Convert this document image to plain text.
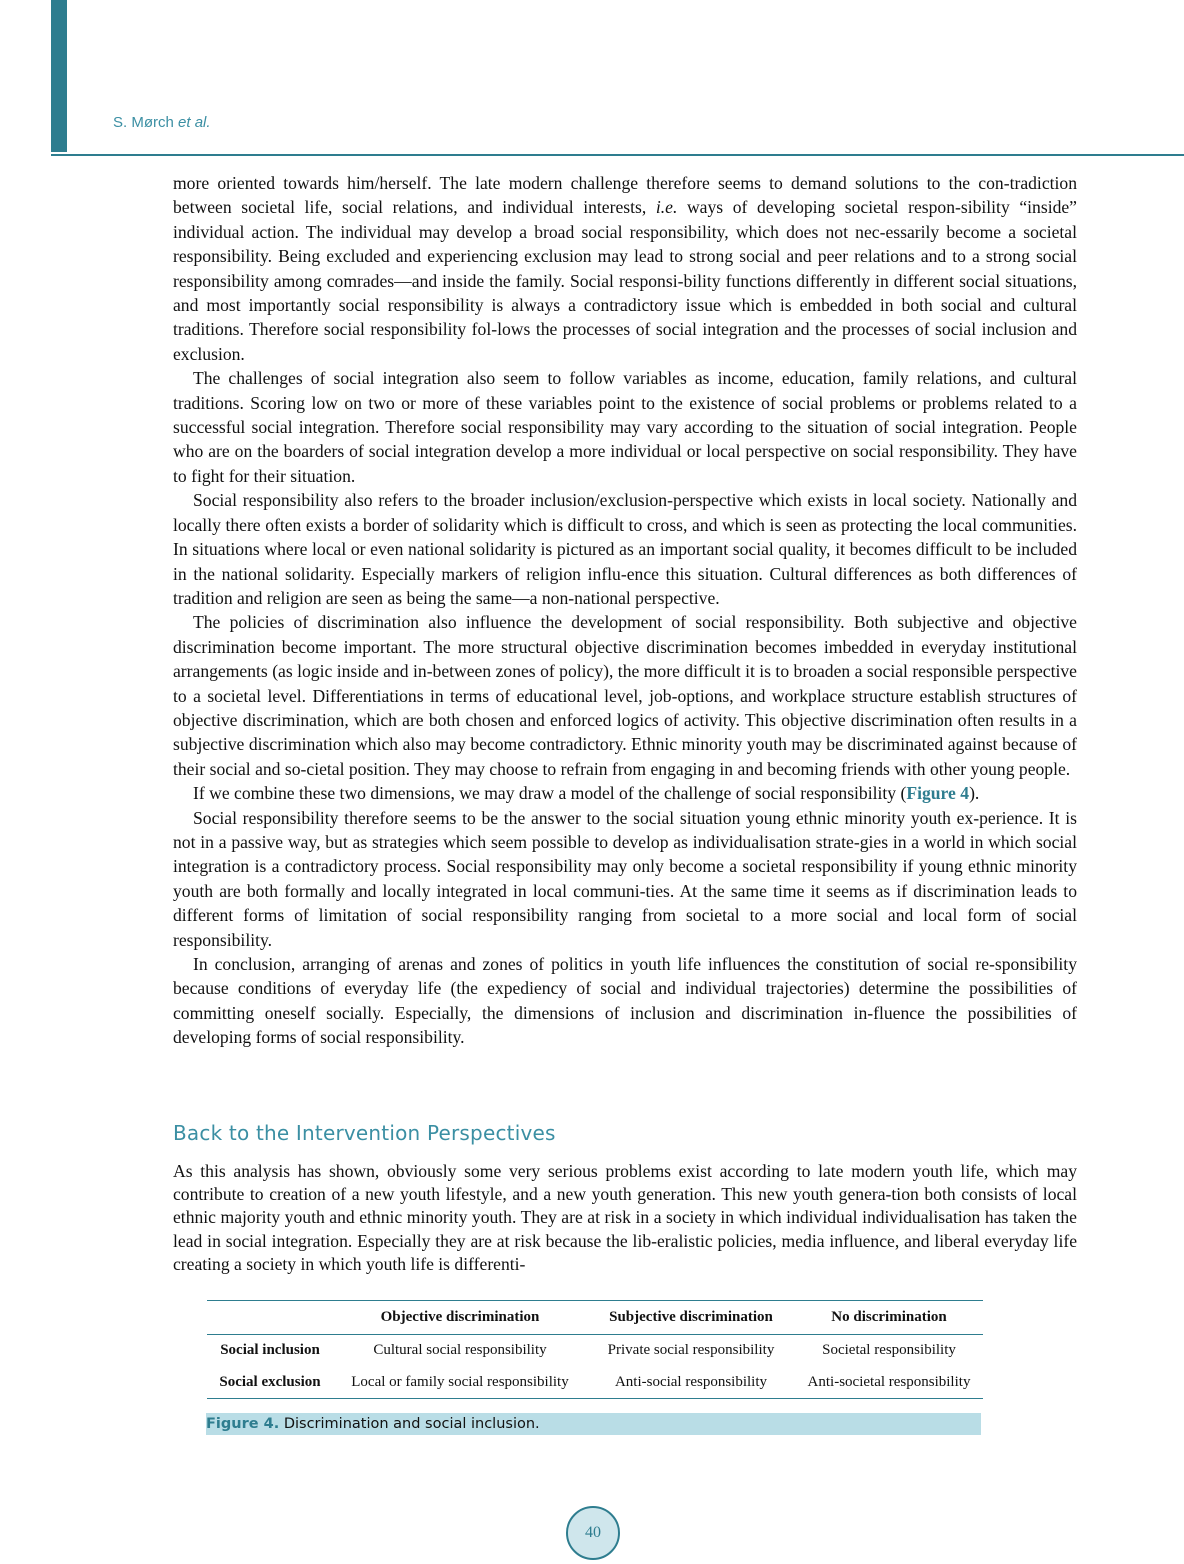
S. Mørch et al.

more oriented towards him/herself. The late modern challenge therefore seems to demand solutions to the con-tradiction between societal life, social relations, and individual interests, i.e. ways of developing societal respon-sibility “inside” individual action. The individual may develop a broad social responsibility, which does not nec-essarily become a societal responsibility. Being excluded and experiencing exclusion may lead to strong social and peer relations and to a strong social responsibility among comrades—and inside the family. Social responsi-bility functions differently in different social situations, and most importantly social responsibility is always a contradictory issue which is embedded in both social and cultural traditions. Therefore social responsibility fol-lows the processes of social integration and the processes of social inclusion and exclusion.

The challenges of social integration also seem to follow variables as income, education, family relations, and cultural traditions. Scoring low on two or more of these variables point to the existence of social problems or problems related to a successful social integration. Therefore social responsibility may vary according to the situation of social integration. People who are on the boarders of social integration develop a more individual or local perspective on social responsibility. They have to fight for their situation.

Social responsibility also refers to the broader inclusion/exclusion-perspective which exists in local society. Nationally and locally there often exists a border of solidarity which is difficult to cross, and which is seen as protecting the local communities. In situations where local or even national solidarity is pictured as an important social quality, it becomes difficult to be included in the national solidarity. Especially markers of religion influ-ence this situation. Cultural differences as both differences of tradition and religion are seen as being the same—a non-national perspective.

The policies of discrimination also influence the development of social responsibility. Both subjective and objective discrimination become important. The more structural objective discrimination becomes imbedded in everyday institutional arrangements (as logic inside and in-between zones of policy), the more difficult it is to broaden a social responsible perspective to a societal level. Differentiations in terms of educational level, job-options, and workplace structure establish structures of objective discrimination, which are both chosen and enforced logics of activity. This objective discrimination often results in a subjective discrimination which also may become contradictory. Ethnic minority youth may be discriminated against because of their social and so-cietal position. They may choose to refrain from engaging in and becoming friends with other young people.

If we combine these two dimensions, we may draw a model of the challenge of social responsibility (Figure 4).

Social responsibility therefore seems to be the answer to the social situation young ethnic minority youth ex-perience. It is not in a passive way, but as strategies which seem possible to develop as individualisation strate-gies in a world in which social integration is a contradictory process. Social responsibility may only become a societal responsibility if young ethnic minority youth are both formally and locally integrated in local communi-ties. At the same time it seems as if discrimination leads to different forms of limitation of social responsibility ranging from societal to a more social and local form of social responsibility.

In conclusion, arranging of arenas and zones of politics in youth life influences the constitution of social re-sponsibility because conditions of everyday life (the expediency of social and individual trajectories) determine the possibilities of committing oneself socially. Especially, the dimensions of inclusion and discrimination in-fluence the possibilities of developing forms of social responsibility.

Back to the Intervention Perspectives

As this analysis has shown, obviously some very serious problems exist according to late modern youth life, which may contribute to creation of a new youth lifestyle, and a new youth generation. This new youth genera-tion both consists of local ethnic majority youth and ethnic minority youth. They are at risk in a society in which individual individualisation has taken the lead in social integration. Especially they are at risk because the lib-eralistic policies, media influence, and liberal everyday life creating a society in which youth life is differenti-

	Objective discrimination	Subjective discrimination	No discrimination
Social inclusion	Cultural social responsibility	Private social responsibility	Societal responsibility
Social exclusion	Local or family social responsibility	Anti-social responsibility	Anti-societal responsibility
Figure 4. Discrimination and social inclusion.
40
